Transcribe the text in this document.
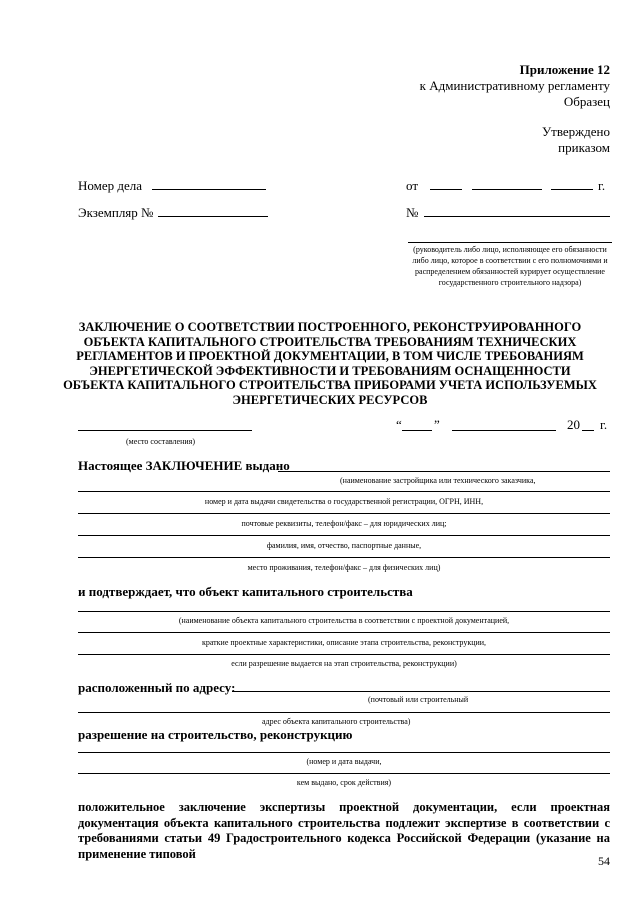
Приложение 12
к Административному регламенту
Образец
Утверждено
приказом
Номер дела	от	г.
Экземпляр №	№
(руководитель либо лицо, исполняющее его обязанности либо лицо, которое в соответствии с его полномочиями и распределением обязанностей курирует осуществление государственного строительного надзора)
ЗАКЛЮЧЕНИЕ О СООТВЕТСТВИИ ПОСТРОЕННОГО, РЕКОНСТРУИРОВАННОГО ОБЪЕКТА КАПИТАЛЬНОГО СТРОИТЕЛЬСТВА ТРЕБОВАНИЯМ ТЕХНИЧЕСКИХ РЕГЛАМЕНТОВ И ПРОЕКТНОЙ ДОКУМЕНТАЦИИ, В ТОМ ЧИСЛЕ ТРЕБОВАНИЯМ ЭНЕРГЕТИЧЕСКОЙ ЭФФЕКТИВНОСТИ И ТРЕБОВАНИЯМ ОСНАЩЕННОСТИ ОБЪЕКТА КАПИТАЛЬНОГО СТРОИТЕЛЬСТВА ПРИБОРАМИ УЧЕТА ИСПОЛЬЗУЕМЫХ ЭНЕРГЕТИЧЕСКИХ РЕСУРСОВ
(место составления)
“ ”	20 г.
Настоящее ЗАКЛЮЧЕНИЕ выдано
(наименование застройщика или технического заказчика,
номер и дата выдачи свидетельства о государственной регистрации, ОГРН, ИНН,
почтовые реквизиты, телефон/факс – для юридических лиц;
фамилия, имя, отчество, паспортные данные,
место проживания, телефон/факс – для физических лиц)
и подтверждает, что объект капитального строительства
(наименование объекта капитального строительства в соответствии с проектной документацией,
краткие проектные характеристики, описание этапа строительства, реконструкции,
если разрешение выдается на этап строительства, реконструкции)
расположенный по адресу:
(почтовый или строительный
адрес объекта капитального строительства)
разрешение на строительство, реконструкцию
(номер и дата выдачи,
кем выдано, срок действия)
положительное заключение экспертизы проектной документации, если проектная документация объекта капитального строительства подлежит экспертизе в соответствии с требованиями статьи 49 Градостроительного кодекса Российской Федерации (указание на применение типовой
54
